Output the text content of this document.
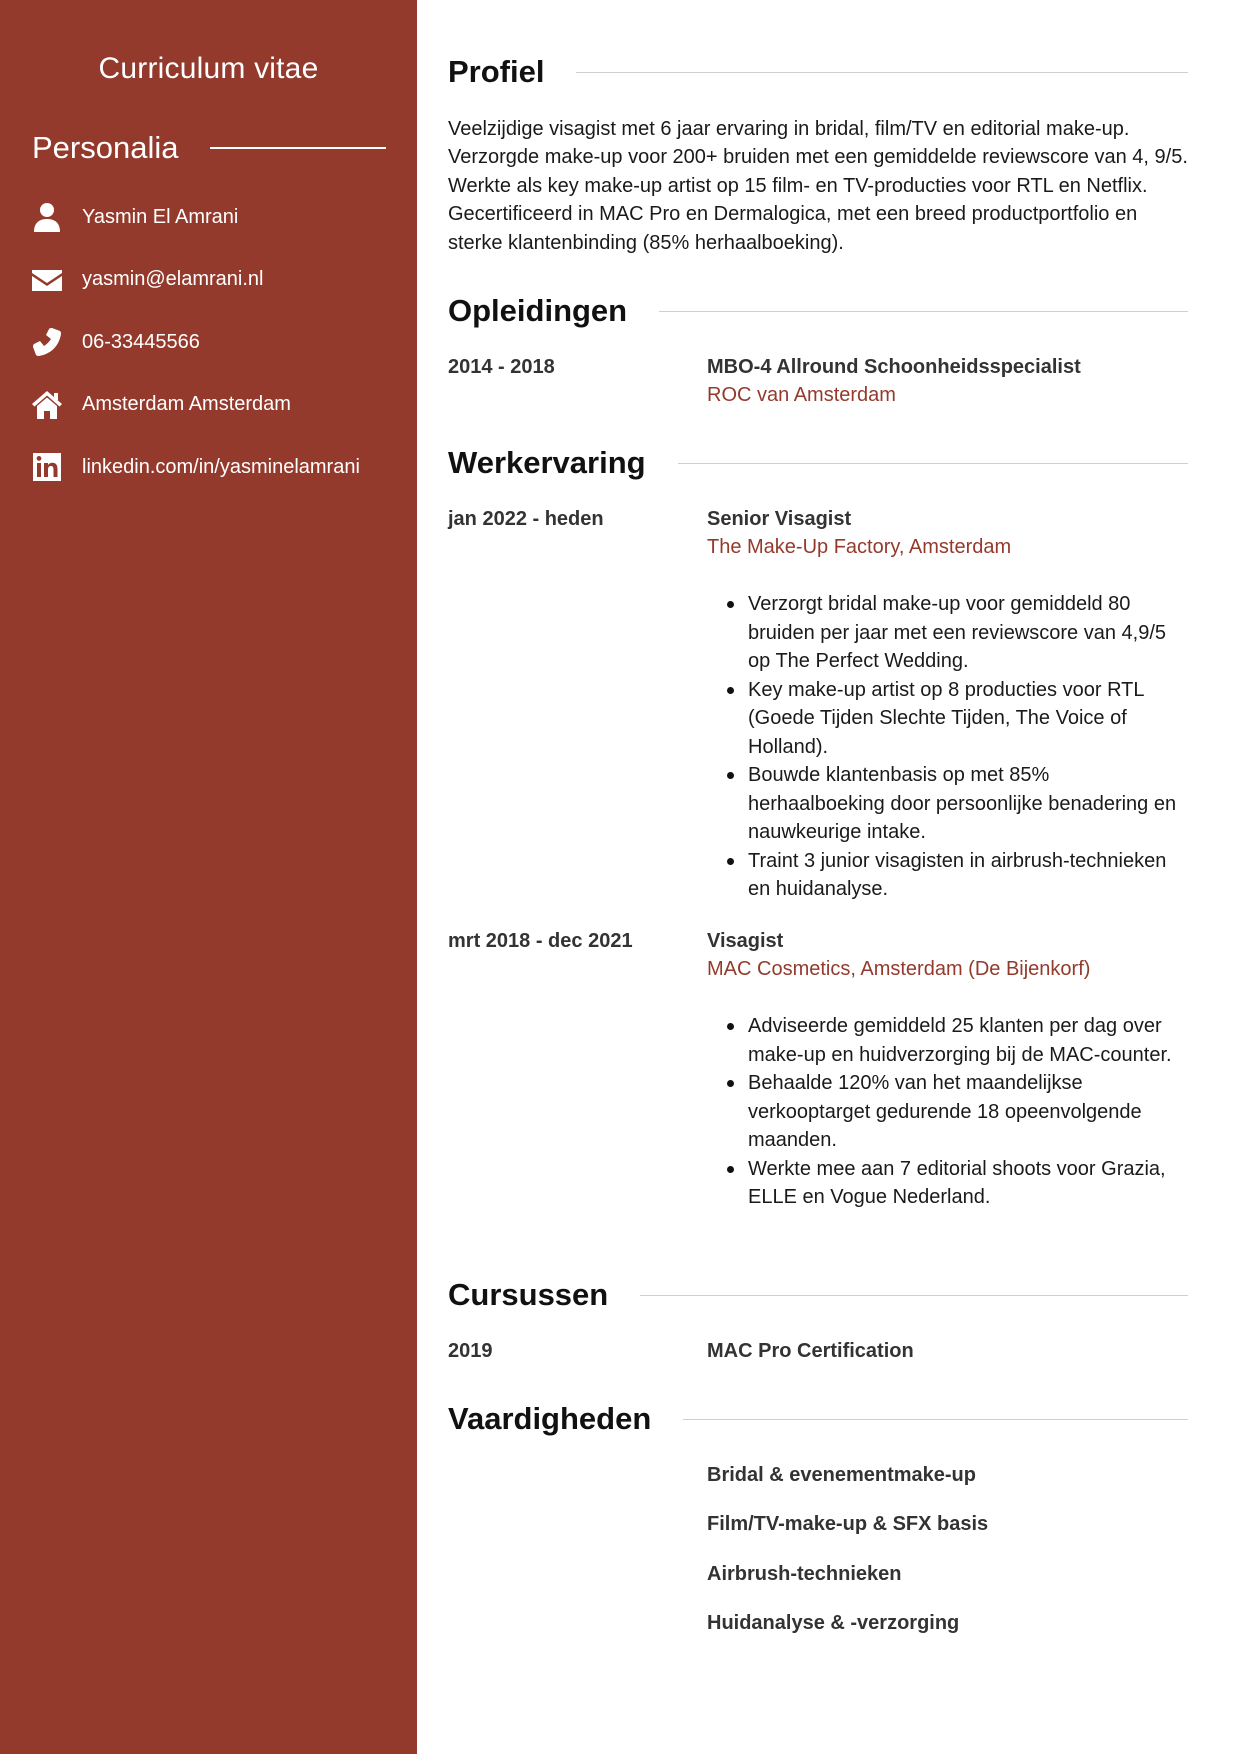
Curriculum vitae
Personalia
Yasmin El Amrani
yasmin@elamrani.nl
06-33445566
Amsterdam Amsterdam
linkedin.com/in/yasminelamrani
Profiel
Veelzijdige visagist met 6 jaar ervaring in bridal, film/TV en editorial make-up. Verzorgde make-up voor 200+ bruiden met een gemiddelde reviewscore van 4, 9/5. Werkte als key make-up artist op 15 film- en TV-producties voor RTL en Netflix. Gecertificeerd in MAC Pro en Dermalogica, met een breed productportfolio en sterke klantenbinding (85% herhaalboeking).
Opleidingen
2014 - 2018	MBO-4 Allround Schoonheidsspecialist
ROC van Amsterdam
Werkervaring
jan 2022 - heden	Senior Visagist
The Make-Up Factory, Amsterdam
Verzorgt bridal make-up voor gemiddeld 80 bruiden per jaar met een reviewscore van 4,9/5 op The Perfect Wedding.
Key make-up artist op 8 producties voor RTL (Goede Tijden Slechte Tijden, The Voice of Holland).
Bouwde klantenbasis op met 85% herhaalboeking door persoonlijke benadering en nauwkeurige intake.
Traint 3 junior visagisten in airbrush-technieken en huidanalyse.
mrt 2018 - dec 2021	Visagist
MAC Cosmetics, Amsterdam (De Bijenkorf)
Adviseerde gemiddeld 25 klanten per dag over make-up en huidverzorging bij de MAC-counter.
Behaalde 120% van het maandelijkse verkooptarget gedurende 18 opeenvolgende maanden.
Werkte mee aan 7 editorial shoots voor Grazia, ELLE en Vogue Nederland.
Cursussen
2019	MAC Pro Certification
Vaardigheden
Bridal & evenementmake-up
Film/TV-make-up & SFX basis
Airbrush-technieken
Huidanalyse & -verzorging
